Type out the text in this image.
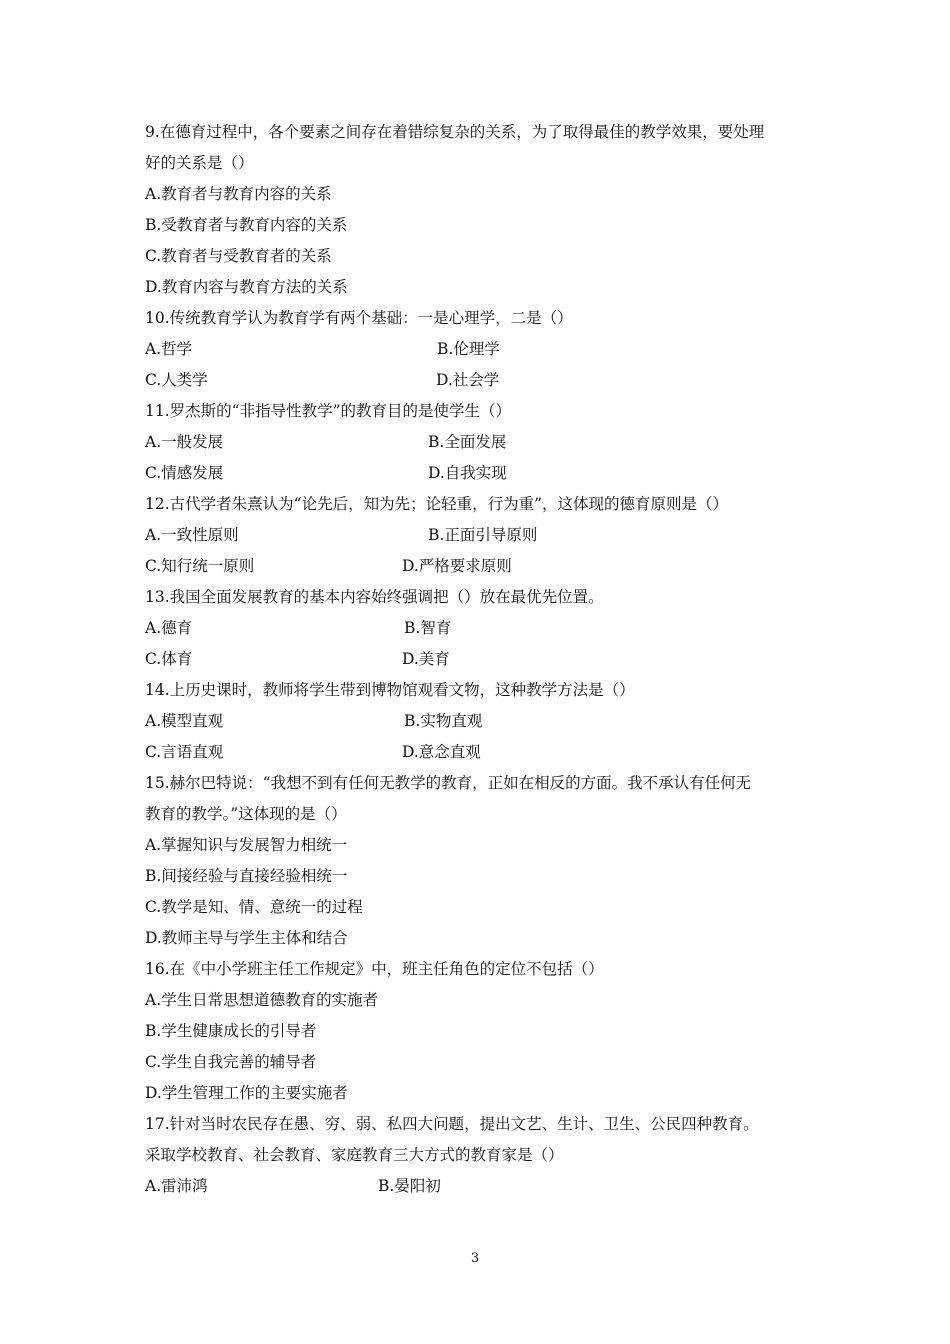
9.在德育过程中，各个要素之间存在着错综复杂的关系，为了取得最佳的教学效果，要处理
好的关系是（）
A.教育者与教育内容的关系
B.受教育者与教育内容的关系
C.教育者与受教育者的关系
D.教育内容与教育方法的关系
10.传统教育学认为教育学有两个基础：一是心理学，二是（）
A.哲学	B.伦理学
C.人类学	D.社会学
11.罗杰斯的“非指导性教学”的教育目的是使学生（）
A.一般发展	B.全面发展
C.情感发展	D.自我实现
12.古代学者朱熹认为“论先后，知为先；论轻重，行为重”，这体现的德育原则是（）
A.一致性原则	B.正面引导原则
C.知行统一原则	D.严格要求原则
13.我国全面发展教育的基本内容始终强调把（）放在最优先位置。
A.德育	B.智育
C.体育	D.美育
14.上历史课时，教师将学生带到博物馆观看文物，这种教学方法是（）
A.模型直观	B.实物直观
C.言语直观	D.意念直观
15.赫尔巴特说：“我想不到有任何无教学的教育，正如在相反的方面。我不承认有任何无
教育的教学。”这体现的是（）
A.掌握知识与发展智力相统一
B.间接经验与直接经验相统一
C.教学是知、情、意统一的过程
D.教师主导与学生主体和结合
16.在《中小学班主任工作规定》中，班主任角色的定位不包括（）
A.学生日常思想道德教育的实施者
B.学生健康成长的引导者
C.学生自我完善的辅导者
D.学生管理工作的主要实施者
17.针对当时农民存在愚、穷、弱、私四大问题，提出文艺、生计、卫生、公民四种教育。
采取学校教育、社会教育、家庭教育三大方式的教育家是（）
A.雷沛鸿	B.晏阳初
3
